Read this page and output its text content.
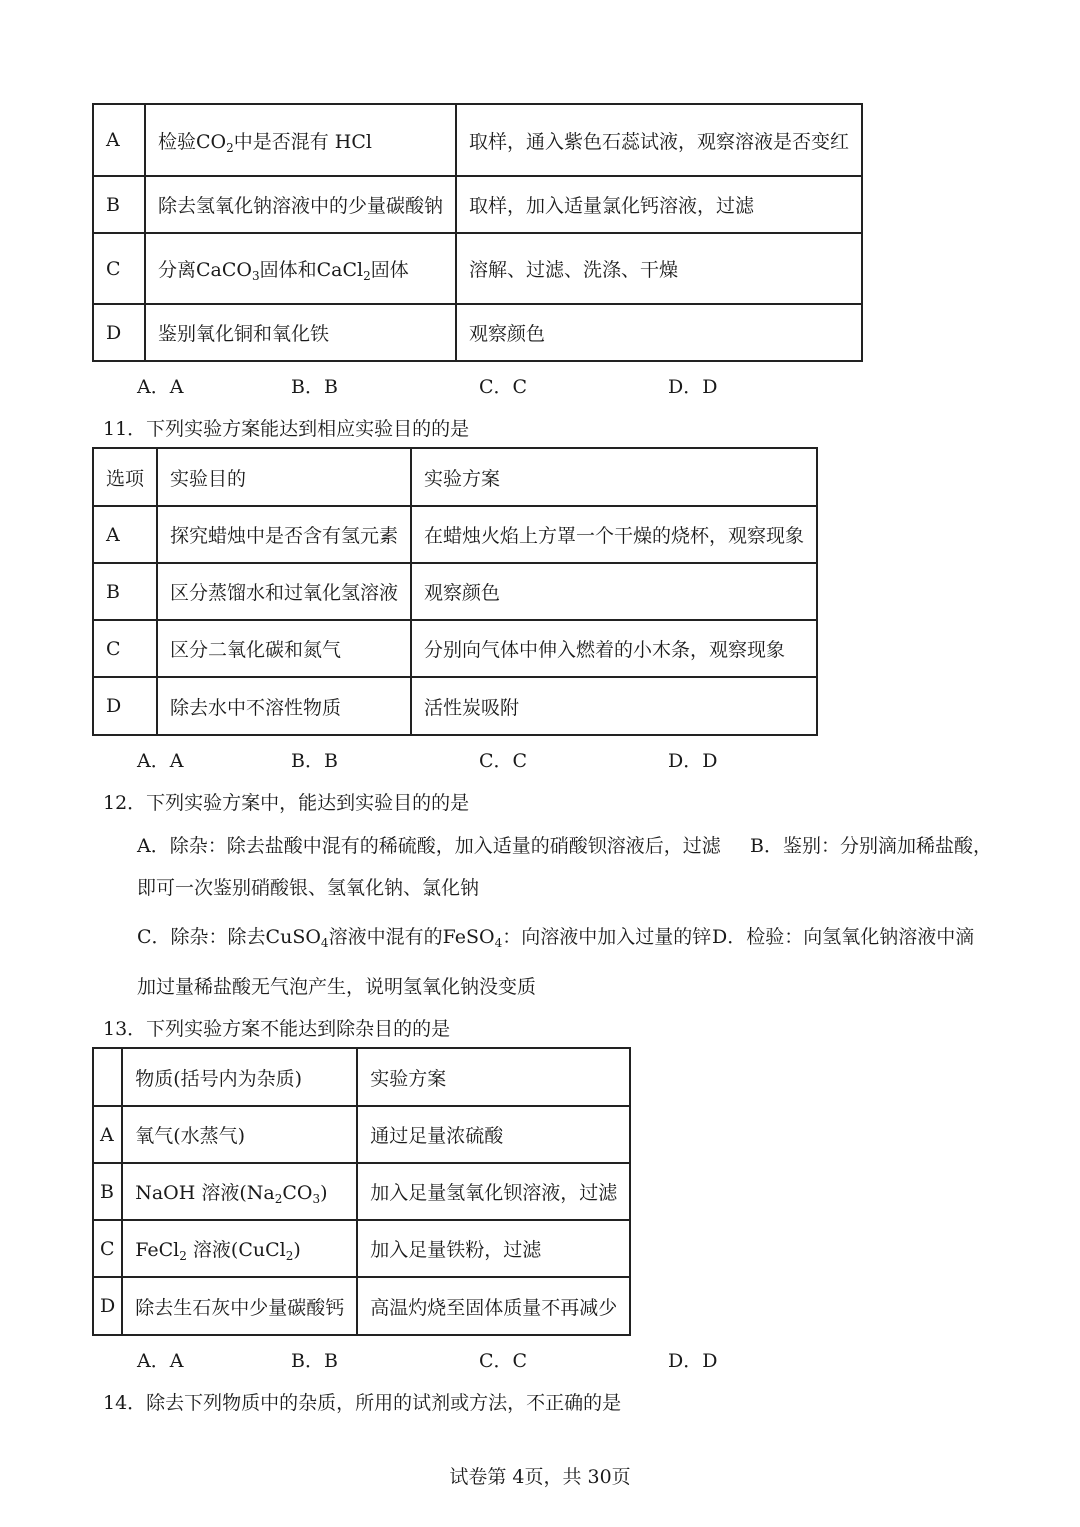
A	检验$CO_2$中是否混有 HCl	取样，通入紫色石蕊试液，观察溶液是否变红
B	除去氢氧化钠溶液中的少量碳酸钠	取样，加入适量氯化钙溶液，过滤
C	分离CaCO$_3$固体和CaCl$_2$固体	溶解、过滤、洗涤、干燥
D	鉴别氧化铜和氧化铁	观察颜色
A．A	B．B	C．C	D．D
11．下列实验方案能达到相应实验目的的是
选项	实验目的	实验方案
A	探究蜡烛中是否含有氢元素	在蜡烛火焰上方罩一个干燥的烧杯，观察现象
B	区分蒸馏水和过氧化氢溶液	观察颜色
C	区分二氧化碳和氮气	分别向气体中伸入燃着的小木条，观察现象
D	除去水中不溶性物质	活性炭吸附
A．A	B．B	C．C	D．D
12．下列实验方案中，能达到实验目的的是
A．除杂：除去盐酸中混有的稀硫酸，加入适量的硝酸钡溶液后，过滤 B．鉴别：分别滴加稀盐酸，
即可一次鉴别硝酸银、氢氧化钠、氯化钠
C．除杂：除去CuSO$_4$溶液中混有的FeSO$_4$：向溶液中加入过量的锌 D．检验：向氢氧化钠溶液中滴
加过量稀盐酸无气泡产生，说明氢氧化钠没变质
13．下列实验方案不能达到除杂目的的是
	物质(括号内为杂质)	实验方案
A	氧气(水蒸气)	通过足量浓硫酸
B	NaOH 溶液$(Na_2CO_3)$	加入足量氢氧化钡溶液，过滤
C	FeCl$_2$ 溶液(CuCl$_2$)	加入足量铁粉，过滤
D	除去生石灰中少量碳酸钙	高温灼烧至固体质量不再减少
A．A	B．B	C．C	D．D
14．除去下列物质中的杂质，所用的试剂或方法，不正确的是
试卷第 4页，共 30页
